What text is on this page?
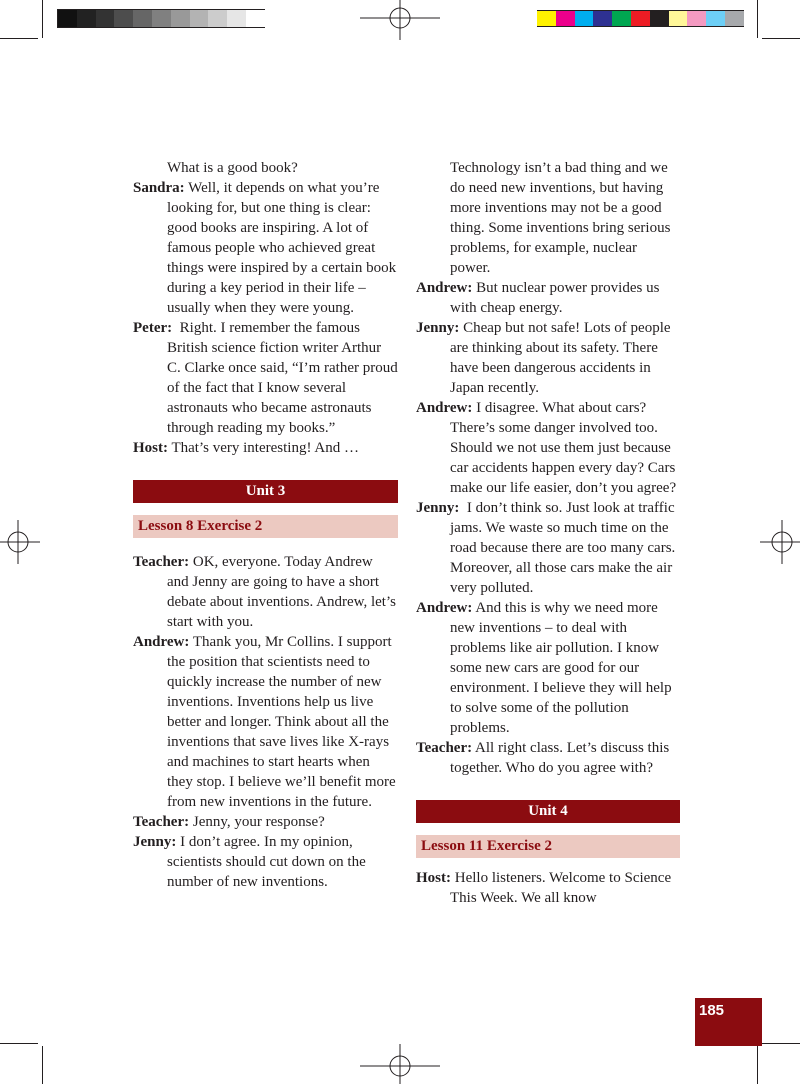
What is a good book?

Sandra: Well, it depends on what you’re looking for, but one thing is clear: good books are inspiring. A lot of famous people who achieved great things were inspired by a certain book during a key period in their life – usually when they were young.

Peter: Right. I remember the famous British science fiction writer Arthur C. Clarke once said, “I’m rather proud of the fact that I know several astronauts who became astronauts through reading my books.”

Host: That’s very interesting! And …

Unit 3
Lesson 8 Exercise 2

Teacher: OK, everyone. Today Andrew and Jenny are going to have a short debate about inventions. Andrew, let’s start with you.

Andrew: Thank you, Mr Collins. I support the position that scientists need to quickly increase the number of new inventions. Inventions help us live better and longer. Think about all the inventions that save lives like X-rays and machines to start hearts when they stop. I believe we’ll benefit more from new inventions in the future.

Teacher: Jenny, your response?

Jenny: I don’t agree. In my opinion, scientists should cut down on the number of new inventions.

Technology isn’t a bad thing and we do need new inventions, but having more inventions may not be a good thing. Some inventions bring serious problems, for example, nuclear power.

Andrew: But nuclear power provides us with cheap energy.

Jenny: Cheap but not safe! Lots of people are thinking about its safety. There have been dangerous accidents in Japan recently.

Andrew: I disagree. What about cars? There’s some danger involved too. Should we not use them just because car accidents happen every day? Cars make our life easier, don’t you agree?

Jenny: I don’t think so. Just look at traffic jams. We waste so much time on the road because there are too many cars. Moreover, all those cars make the air very polluted.

Andrew: And this is why we need more new inventions – to deal with problems like air pollution. I know some new cars are good for our environment. I believe they will help to solve some of the pollution problems.

Teacher: All right class. Let’s discuss this together. Who do you agree with?

Unit 4
Lesson 11 Exercise 2

Host: Hello listeners. Welcome to Science This Week. We all know

185
